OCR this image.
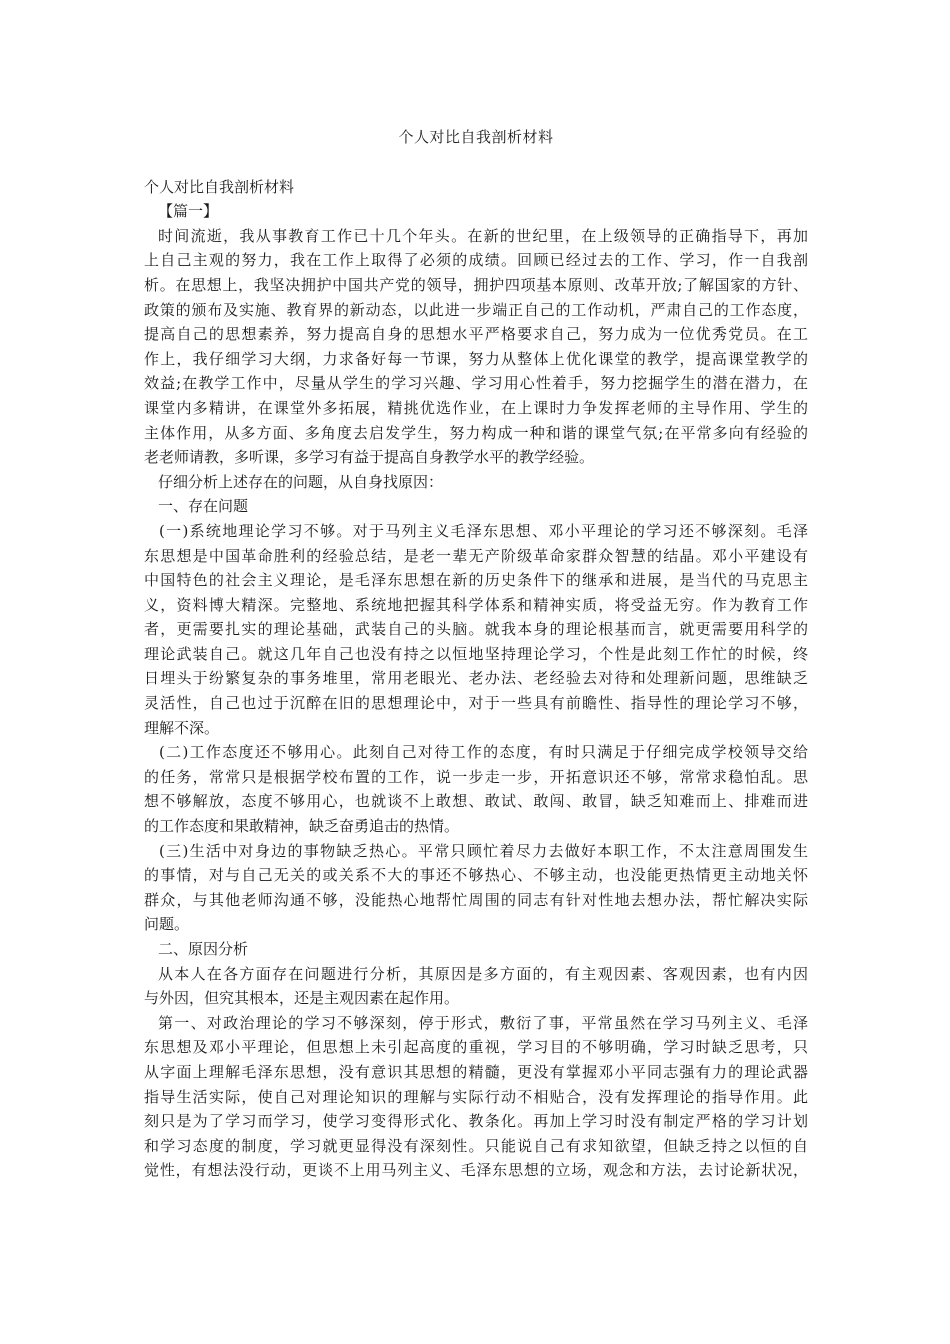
个人对比自我剖析材料
个人对比自我剖析材料
【篇一】
时间流逝，我从事教育工作已十几个年头。在新的世纪里，在上级领导的正确指导下，再加
上自己主观的努力，我在工作上取得了必须的成绩。回顾已经过去的工作、学习，作一自我剖
析。在思想上，我坚决拥护中国共产党的领导，拥护四项基本原则、改革开放;了解国家的方针、
政策的颁布及实施、教育界的新动态，以此进一步端正自己的工作动机，严肃自己的工作态度，
提高自己的思想素养，努力提高自身的思想水平严格要求自己，努力成为一位优秀党员。在工
作上，我仔细学习大纲，力求备好每一节课，努力从整体上优化课堂的教学，提高课堂教学的
效益;在教学工作中，尽量从学生的学习兴趣、学习用心性着手，努力挖掘学生的潜在潜力，在
课堂内多精讲，在课堂外多拓展，精挑优选作业，在上课时力争发挥老师的主导作用、学生的
主体作用，从多方面、多角度去启发学生，努力构成一种和谐的课堂气氛;在平常多向有经验的
老老师请教，多听课，多学习有益于提高自身教学水平的教学经验。
仔细分析上述存在的问题，从自身找原因：
一、存在问题
(一)系统地理论学习不够。对于马列主义毛泽东思想、邓小平理论的学习还不够深刻。毛泽
东思想是中国革命胜利的经验总结，是老一辈无产阶级革命家群众智慧的结晶。邓小平建设有
中国特色的社会主义理论，是毛泽东思想在新的历史条件下的继承和进展，是当代的马克思主
义，资料博大精深。完整地、系统地把握其科学体系和精神实质，将受益无穷。作为教育工作
者，更需要扎实的理论基础，武装自己的头脑。就我本身的理论根基而言，就更需要用科学的
理论武装自己。就这几年自己也没有持之以恒地坚持理论学习，个性是此刻工作忙的时候，终
日埋头于纷繁复杂的事务堆里，常用老眼光、老办法、老经验去对待和处理新问题，思维缺乏
灵活性，自己也过于沉醉在旧的思想理论中，对于一些具有前瞻性、指导性的理论学习不够，
理解不深。
(二)工作态度还不够用心。此刻自己对待工作的态度，有时只满足于仔细完成学校领导交给
的任务，常常只是根据学校布置的工作，说一步走一步，开拓意识还不够，常常求稳怕乱。思
想不够解放，态度不够用心，也就谈不上敢想、敢试、敢闯、敢冒，缺乏知难而上、排难而进
的工作态度和果敢精神，缺乏奋勇追击的热情。
(三)生活中对身边的事物缺乏热心。平常只顾忙着尽力去做好本职工作，不太注意周围发生
的事情，对与自己无关的或关系不大的事还不够热心、不够主动，也没能更热情更主动地关怀
群众，与其他老师沟通不够，没能热心地帮忙周围的同志有针对性地去想办法，帮忙解决实际
问题。
二、原因分析
从本人在各方面存在问题进行分析，其原因是多方面的，有主观因素、客观因素，也有内因
与外因，但究其根本，还是主观因素在起作用。
第一、对政治理论的学习不够深刻，停于形式，敷衍了事，平常虽然在学习马列主义、毛泽
东思想及邓小平理论，但思想上未引起高度的重视，学习目的不够明确，学习时缺乏思考，只
从字面上理解毛泽东思想，没有意识其思想的精髓，更没有掌握邓小平同志强有力的理论武器
指导生活实际，使自己对理论知识的理解与实际行动不相贴合，没有发挥理论的指导作用。此
刻只是为了学习而学习，使学习变得形式化、教条化。再加上学习时没有制定严格的学习计划
和学习态度的制度，学习就更显得没有深刻性。只能说自己有求知欲望，但缺乏持之以恒的自
觉性，有想法没行动，更谈不上用马列主义、毛泽东思想的立场，观念和方法，去讨论新状况，
